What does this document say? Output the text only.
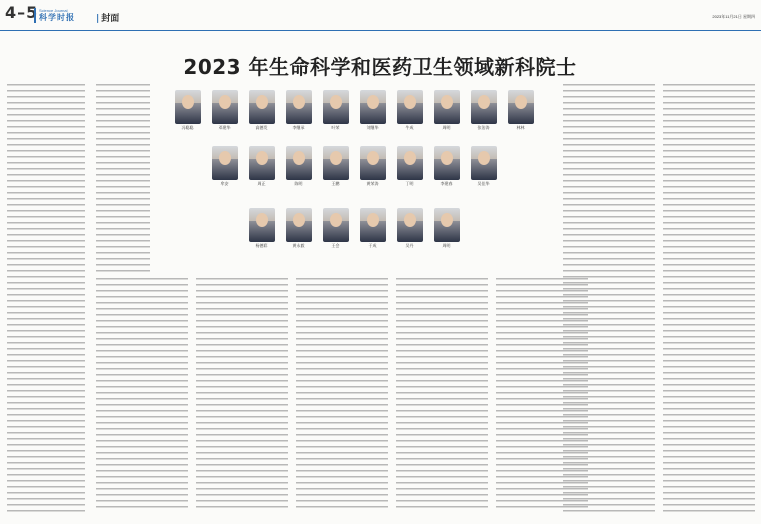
4–5 Science Journal
科学时报
|	封面	2023年11月21日 星期四
2023 年生命科学和医药卫生领域新科院士
冯聪聪	邓建华	高德发	李继承	叶荣	刘继华	牛成	周明	张治涛	林林
牟安	周正	陈明	王鹏	黄荣涛	丁明	李建春	吴佳华
杨德彩	黄永毅	王会	于成	吴丹	周明
